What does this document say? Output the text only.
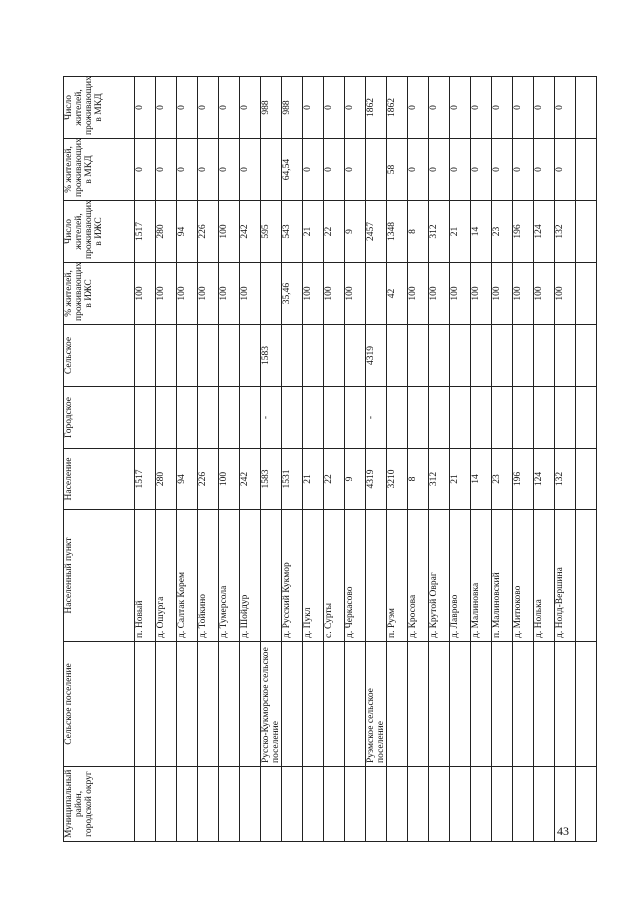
43
Муниципальный район, городской округ	Сельское поселение	Населенный пункт	Население	Городское	Сельское	% жителей, проживающих в ИЖС	Число жителей, проживающих в ИЖС	% жителей, проживающих в МКД	Число жителей, проживающих в МКД
		п. Новый	1517			100	1517	0	0
		д. Ошурга	280			100	280	0	0
		д. Салтак Корем	94			100	94	0	0
		д. Тойкино	226			100	226	0	0
		д. Тумерсола	100			100	100	0	0
		д. Шойдур	242			100	242	0	0
	Русско-Кукморское сельское поселение		1583	-	1583		595		988
		д. Русский Кукмор	1531			35,46	543	64,54	988
		д. Пукл	21			100	21	0	0
		с. Сурты	22			100	22	0	0
		д. Черкасово	9			100	9	0	0
	Руэмское сельское поселение		4319	-	4319		2457		1862
		п. Руэм	3210			42	1348	58	1862
		д. Кросова	8			100	8	0	0
		д. Крутой Овраг	312			100	312	0	0
		д. Лаврово	21			100	21	0	0
		д. Малиновка	14			100	14	0	0
		п. Малиновский	23			100	23	0	0
		д. Митюково	196			100	196	0	0
		д. Нолька	124			100	124	0	0
		д. Нолд-Вершина	132			100	132	0	0
